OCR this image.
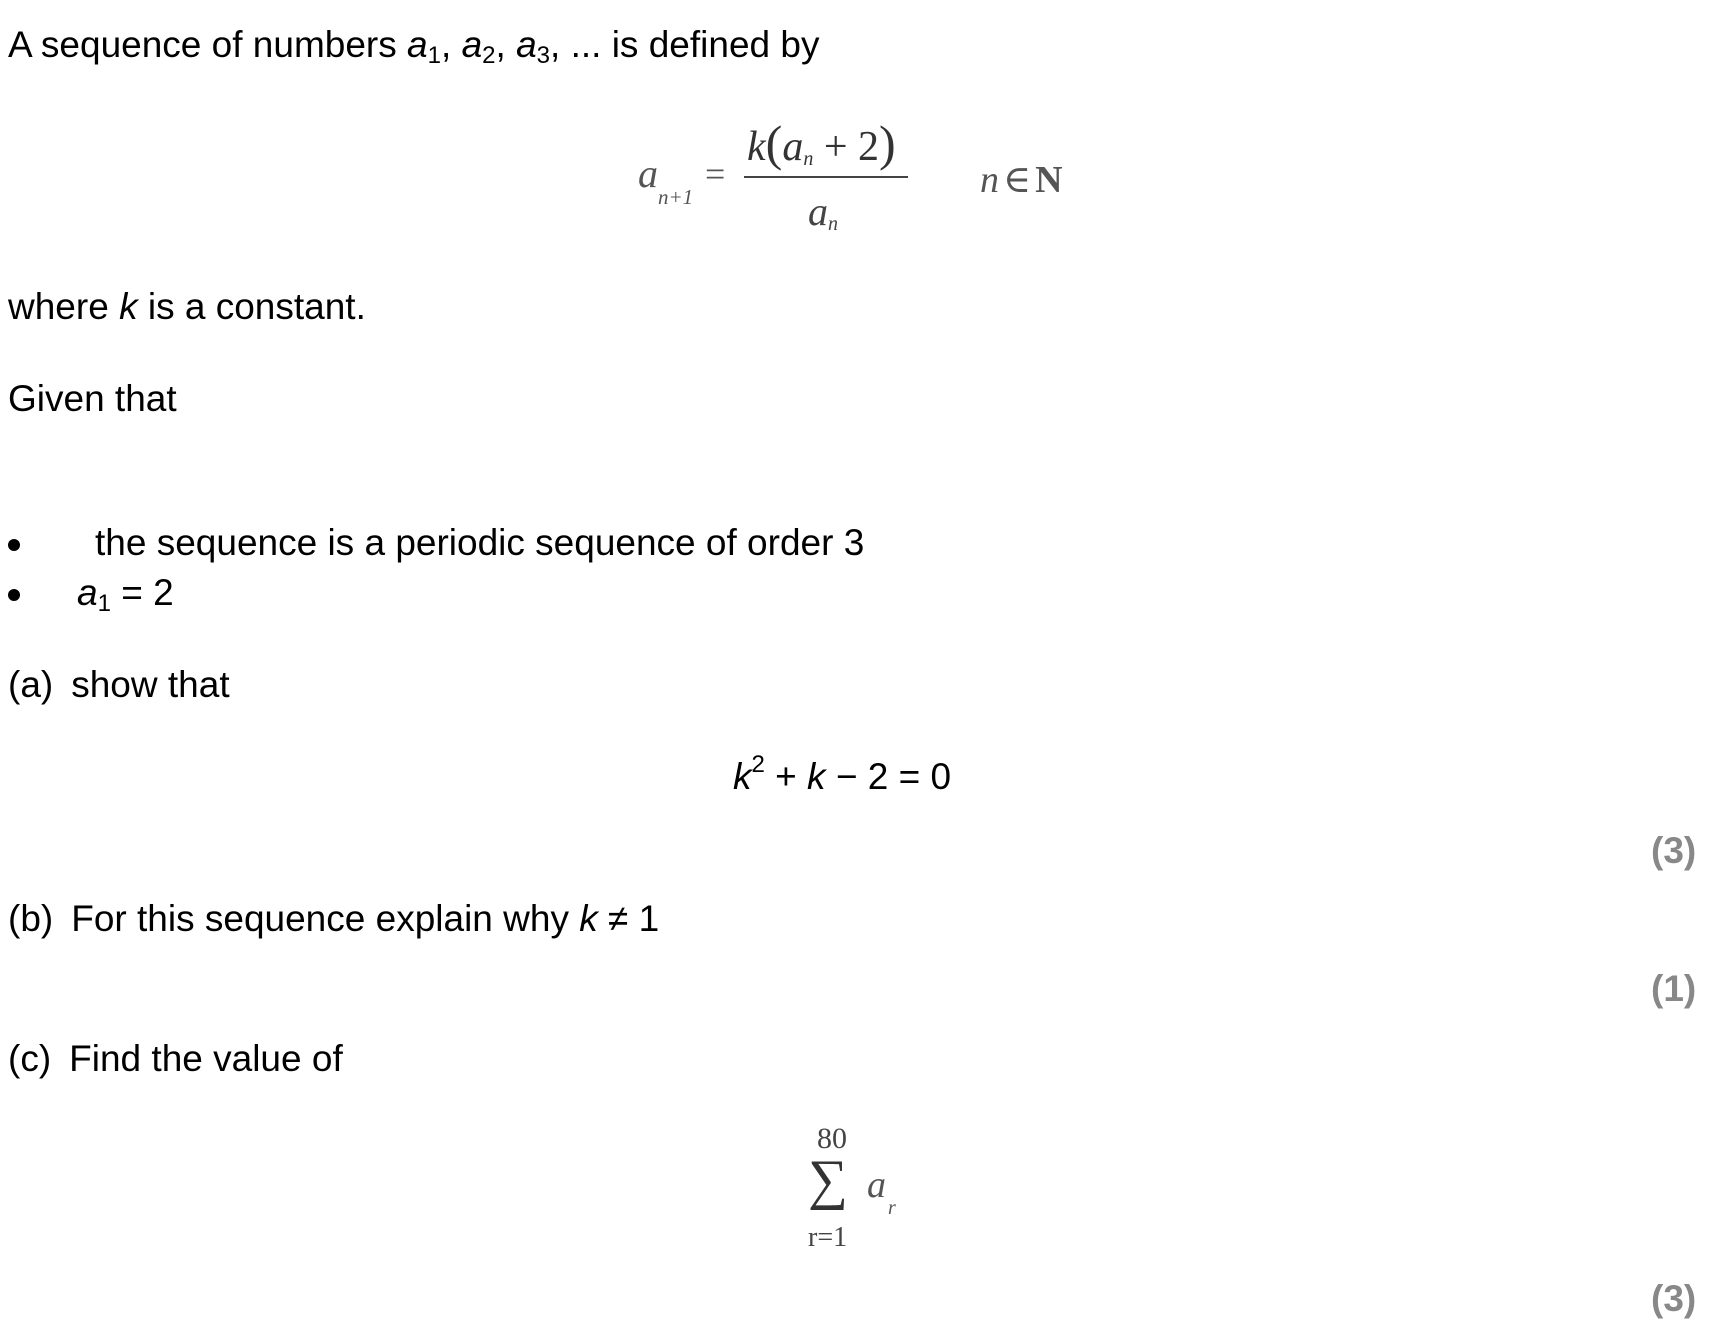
A sequence of numbers $a_1$, $a_2$, $a_3$, ... is defined by
a
n+1
=
$k(a_n + 2)$
$a_n$
n ∈ N
where k is a constant.
Given that
the sequence is a periodic sequence of order 3
$a_1 = 2$
(a) show that
$k^2 + k - 2 = 0$
(3)
(b) For this sequence explain why k ≠ 1
(1)
(c) Find the value of
80
∑ a
r
r=1
(3)
